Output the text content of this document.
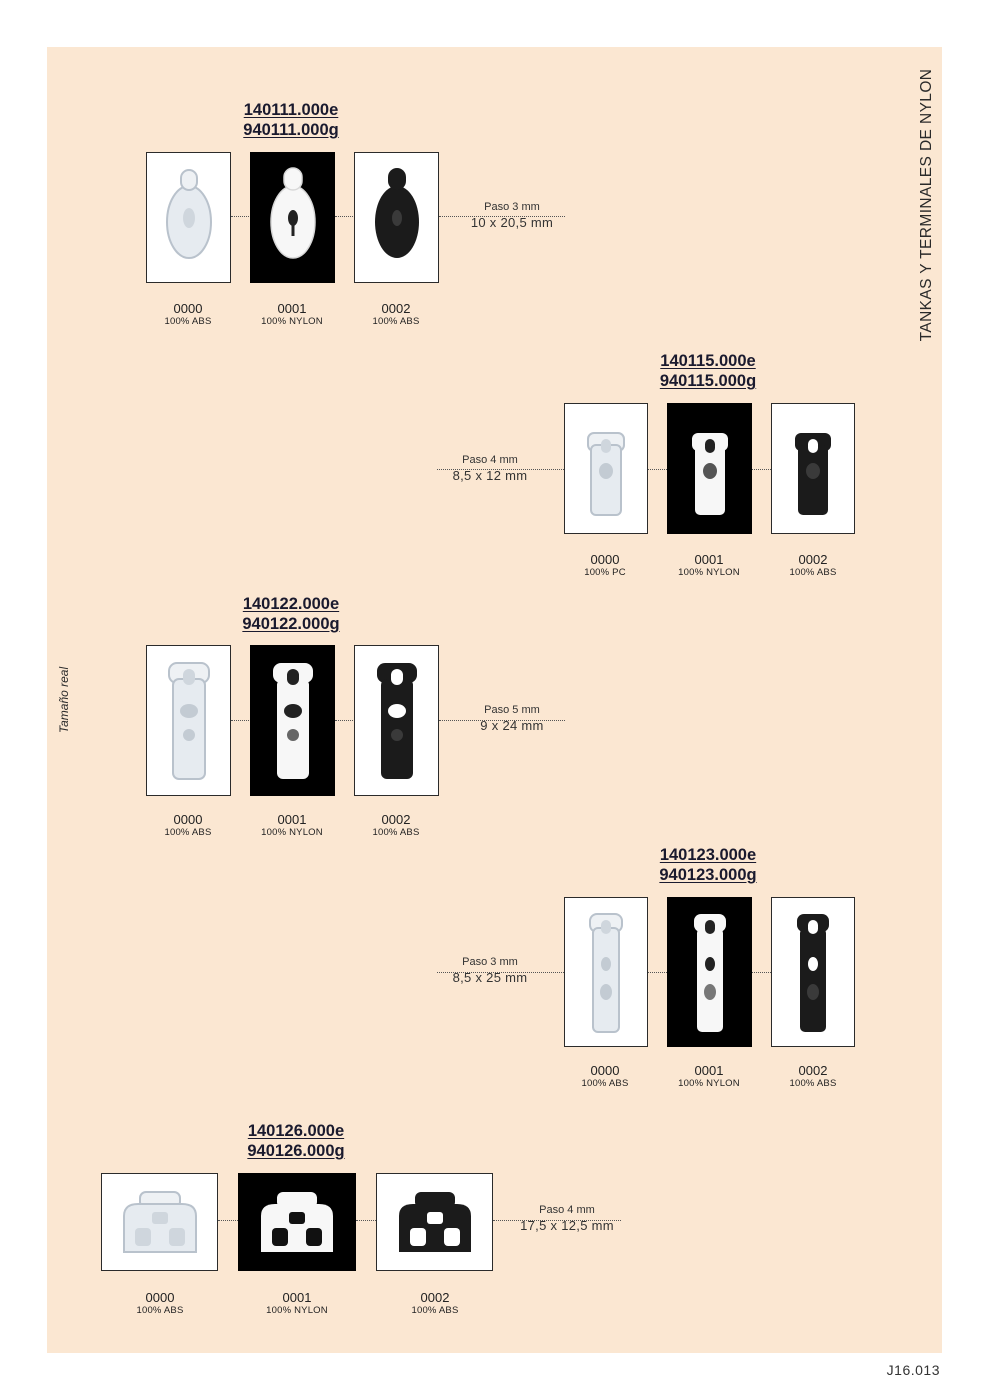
TANKAS Y TERMINALES DE NYLON
Tamaño real
J16.013
140111.000e
940111.000g
0000
100% ABS
0001
100% NYLON
0002
100% ABS
Paso 3 mm
10 x 20,5 mm
140115.000e
940115.000g
0000
100% PC
0001
100% NYLON
0002
100% ABS
Paso 4 mm
8,5 x 12 mm
140122.000e
940122.000g
0000
100% ABS
0001
100% NYLON
0002
100% ABS
Paso 5 mm
9 x 24 mm
140123.000e
940123.000g
0000
100% ABS
0001
100% NYLON
0002
100% ABS
Paso 3 mm
8,5 x 25 mm
140126.000e
940126.000g
0000
100% ABS
0001
100% NYLON
0002
100% ABS
Paso 4 mm
17,5 x 12,5 mm
